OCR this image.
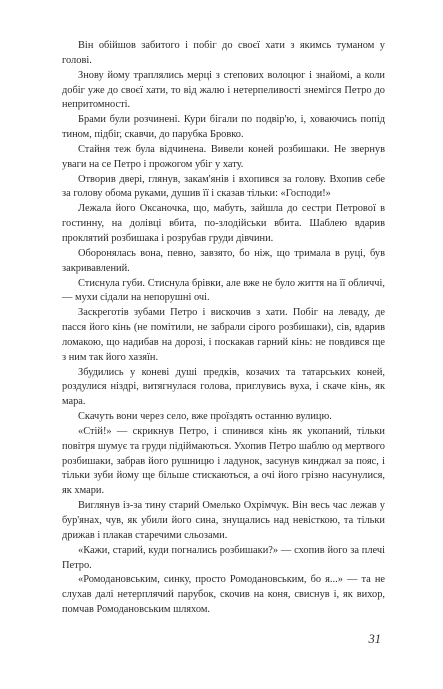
Він обійшов забитого і побіг до своєї хати з якимсь туманом у голові.

Знову йому траплялись мерці з степових волоцюг і знайомі, а коли добіг уже до своєї хати, то від жалю і нетерпеливості знемігся Петро до непритомності.

Брами були розчинені. Кури бігали по подвір'ю, і, ховаючись попід тином, підбіг, скавчи, до парубка Бровко.

Стайня теж була відчинена. Вивели коней розбишаки. Не звернув уваги на се Петро і прожогом убіг у хату.

Отворив двері, глянув, закам'янів і вхопився за голову. Вхопив себе за голову обома руками, душив її і сказав тільки: «Господи!»

Лежала його Оксаночка, що, мабуть, зайшла до сестри Петрової в гостинну, на долівці вбита, по-злодійськи вбита. Шаблею вдарив проклятий розбишака і розрубав груди дівчини.

Оборонялась вона, певно, завзято, бо ніж, що тримала в руці, був закривавлений.

Стиснула губи. Стиснула брівки, але вже не було життя на її обличчі, — мухи сідали на непорушні очі.

Заскреготів зубами Петро і вискочив з хати. Побіг на леваду, де пасся його кінь (не помітили, не забрали сірого розбишаки), сів, вдарив ломакою, що надибав на дорозі, і поскакав гарний кінь: не повдився ще з ним так його хазяїн.

Збудились у коневі душі предків, козачих та татарських коней, роздулися ніздрі, витягнулася голова, приглувись вуха, і скаче кінь, як мара.

Скачуть вони через село, вже проїздять останню вулицю.

«Стій!» — скрикнув Петро, і спинився кінь як укопаний, тільки повітря шумує та груди підіймаються. Ухопив Петро шаблю од мертвого розбишаки, забрав його рушницю і ладунок, засунув кинджал за пояс, і тільки зуби йому ще більше стискаються, а очі його грізно насунулися, як хмари.

Виглянув із-за тину старий Омелько Охрімчук. Він весь час лежав у бур'янах, чув, як убили його сина, знущались над невісткою, та тільки дрижав і плакав старечими сльозами.

«Кажи, старий, куди погнались розбишаки?» — схопив його за плечі Петро.

«Ромодановським, синку, просто Ромодановським, бо я...» — та не слухав далі нетерплячий парубок, скочив на коня, свиснув і, як вихор, помчав Ромодановським шляхом.

31
